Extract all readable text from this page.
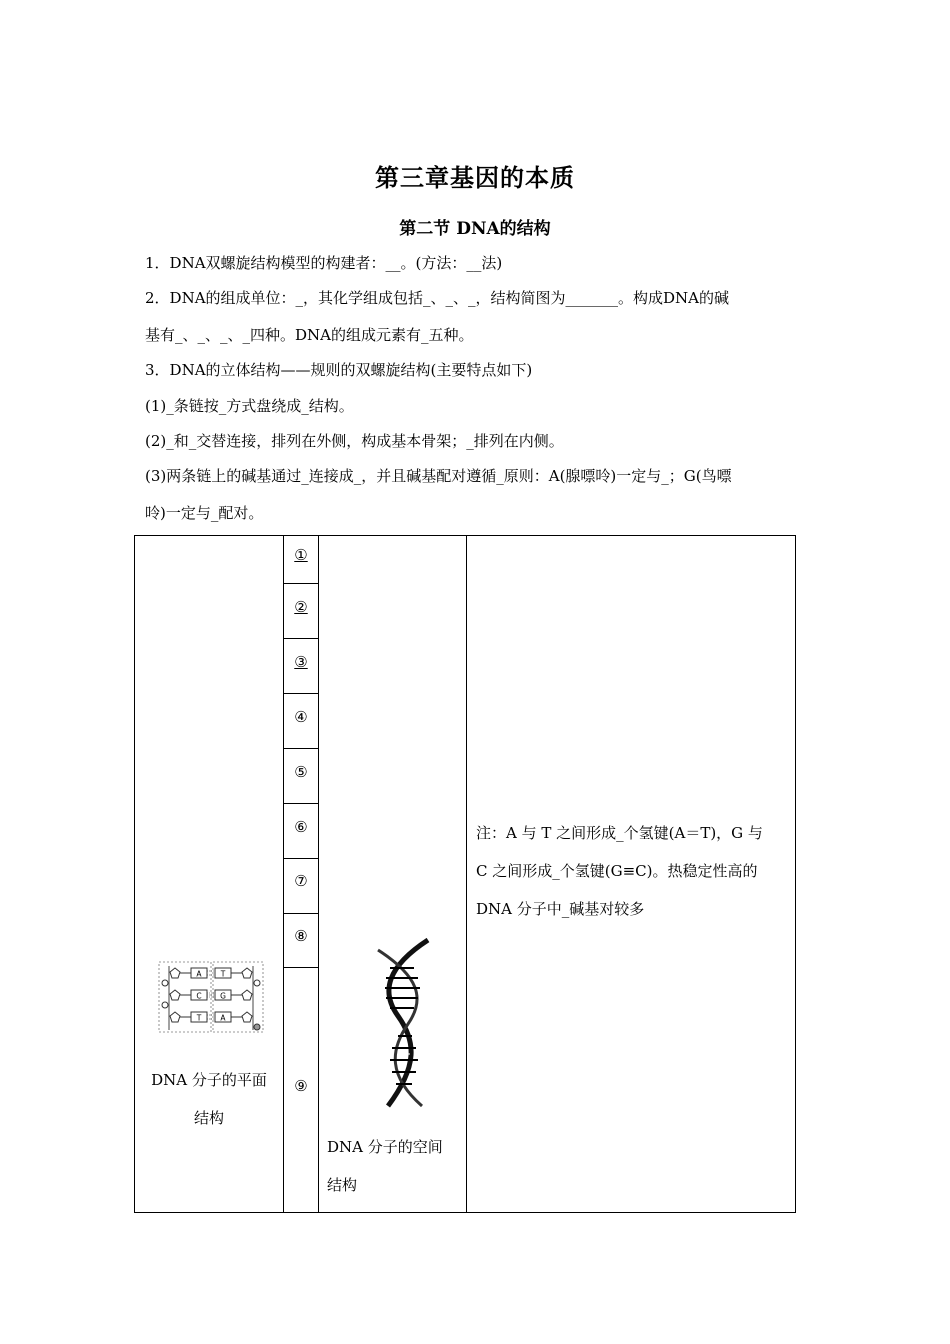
第三章基因的本质
第二节 DNA的结构
1．DNA双螺旋结构模型的构建者：__。(方法：__法)
2．DNA的组成单位：_，其化学组成包括_、_、_，结构简图为_______。构成DNA的碱
基有_、_、_、_四种。DNA的组成元素有_五种。
3．DNA的立体结构——规则的双螺旋结构(主要特点如下)
(1)_条链按_方式盘绕成_结构。
(2)_和_交替连接，排列在外侧，构成基本骨架；_排列在内侧。
(3)两条链上的碱基通过_连接成_，并且碱基配对遵循_原则：A(腺嘌呤)一定与_；G(鸟嘌
呤)一定与_配对。
①
②
③
④
⑤
⑥
⑦
⑧
⑨
A	T
C G
T	A
DNA 分子的平面
结构
DNA 分子的空间
结构
注：A 与 T 之间形成_个氢键(A＝T)，G 与
C 之间形成_个氢键(G≡C)。热稳定性高的
DNA 分子中_碱基对较多
